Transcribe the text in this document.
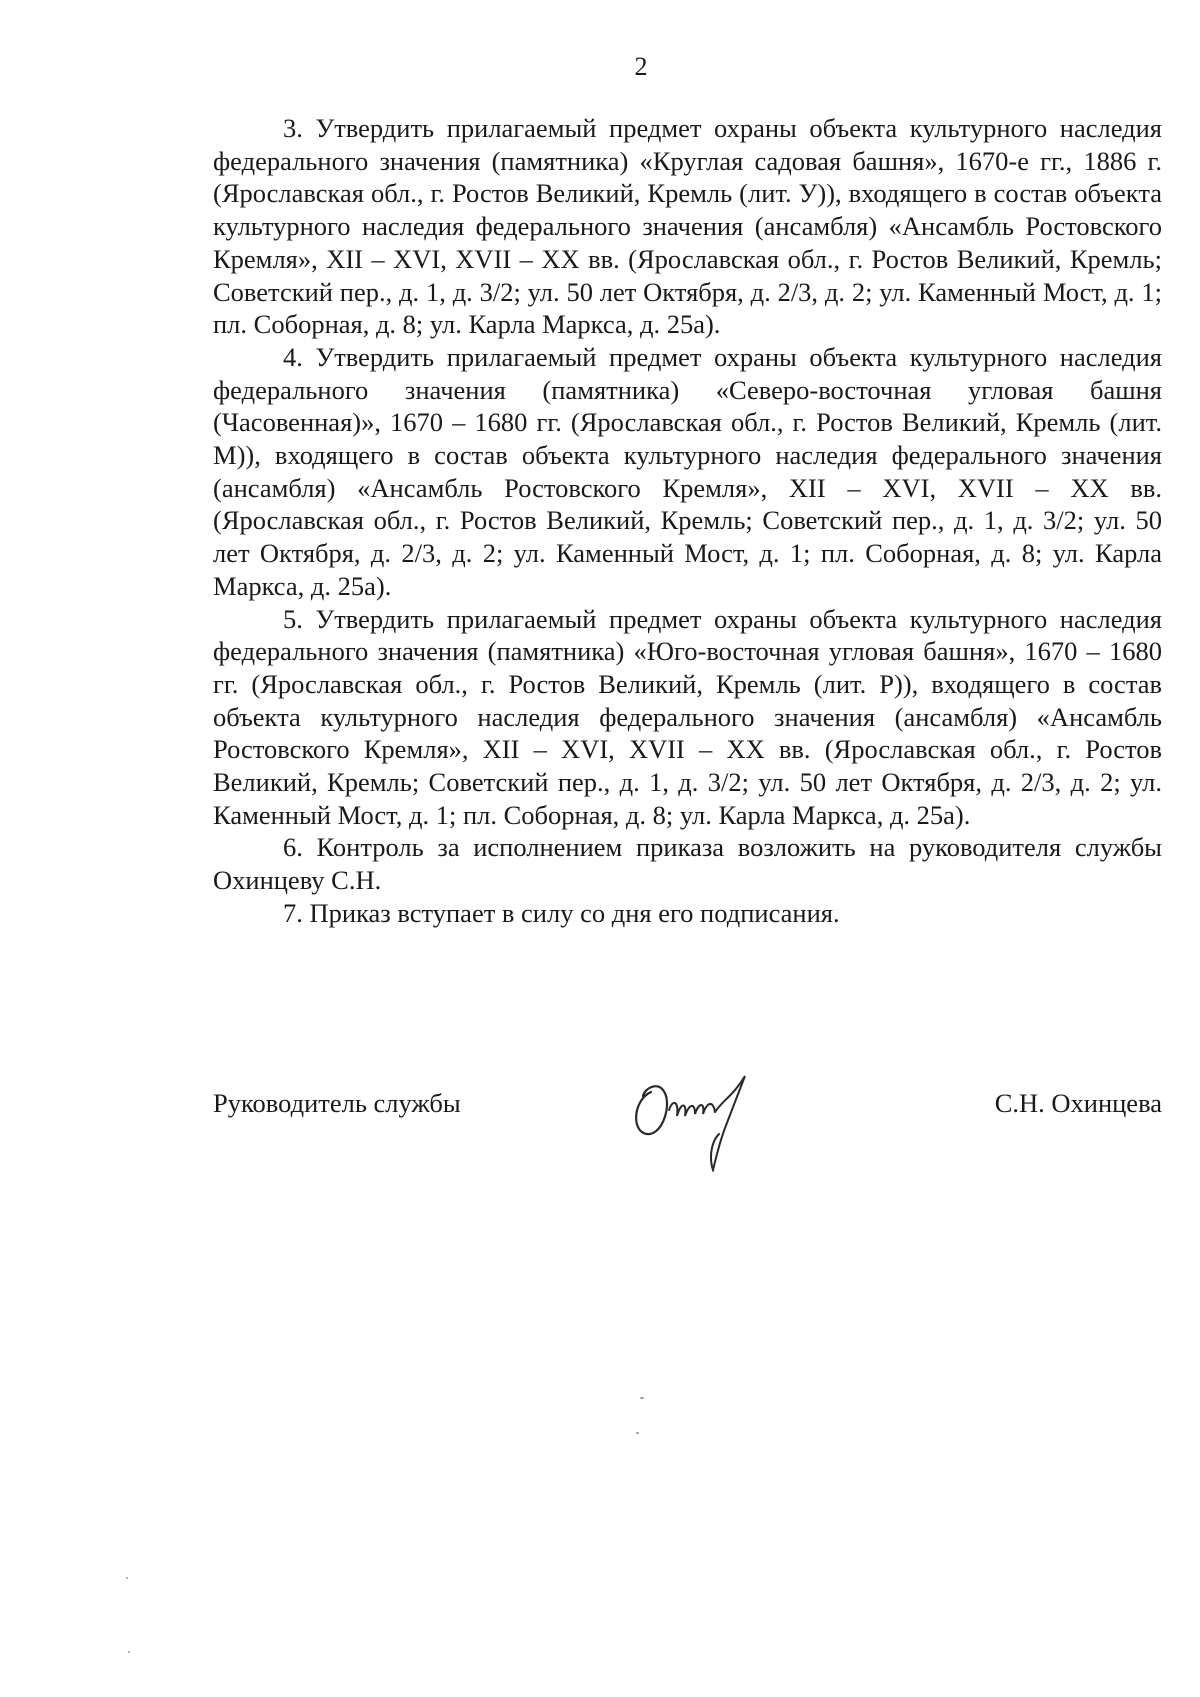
2

3. Утвердить прилагаемый предмет охраны объекта культурного наследия федерального значения (памятника) «Круглая садовая башня», 1670-е гг., 1886 г. (Ярославская обл., г. Ростов Великий, Кремль (лит. У)), входящего в состав объекта культурного наследия федерального значения (ансамбля) «Ансамбль Ростовского Кремля», XII – XVI, XVII – XX вв. (Ярославская обл., г. Ростов Великий, Кремль; Советский пер., д. 1, д. 3/2; ул. 50 лет Октября, д. 2/3, д. 2; ул. Каменный Мост, д. 1; пл. Соборная, д. 8; ул. Карла Маркса, д. 25а).

4. Утвердить прилагаемый предмет охраны объекта культурного наследия федерального значения (памятника) «Северо-восточная угловая башня (Часовенная)», 1670 – 1680 гг. (Ярославская обл., г. Ростов Великий, Кремль (лит. М)), входящего в состав объекта культурного наследия федерального значения (ансамбля) «Ансамбль Ростовского Кремля», XII – XVI, XVII – XX вв. (Ярославская обл., г. Ростов Великий, Кремль; Советский пер., д. 1, д. 3/2; ул. 50 лет Октября, д. 2/3, д. 2; ул. Каменный Мост, д. 1; пл. Соборная, д. 8; ул. Карла Маркса, д. 25а).

5. Утвердить прилагаемый предмет охраны объекта культурного наследия федерального значения (памятника) «Юго-восточная угловая башня», 1670 – 1680 гг. (Ярославская обл., г. Ростов Великий, Кремль (лит. Р)), входящего в состав объекта культурного наследия федерального значения (ансамбля) «Ансамбль Ростовского Кремля», XII – XVI, XVII – XX вв. (Ярославская обл., г. Ростов Великий, Кремль; Советский пер., д. 1, д. 3/2; ул. 50 лет Октября, д. 2/3, д. 2; ул. Каменный Мост, д. 1; пл. Соборная, д. 8; ул. Карла Маркса, д. 25а).

6. Контроль за исполнением приказа возложить на руководителя службы Охинцеву С.Н.

7. Приказ вступает в силу со дня его подписания.

Руководитель службы	С.Н. Охинцева
